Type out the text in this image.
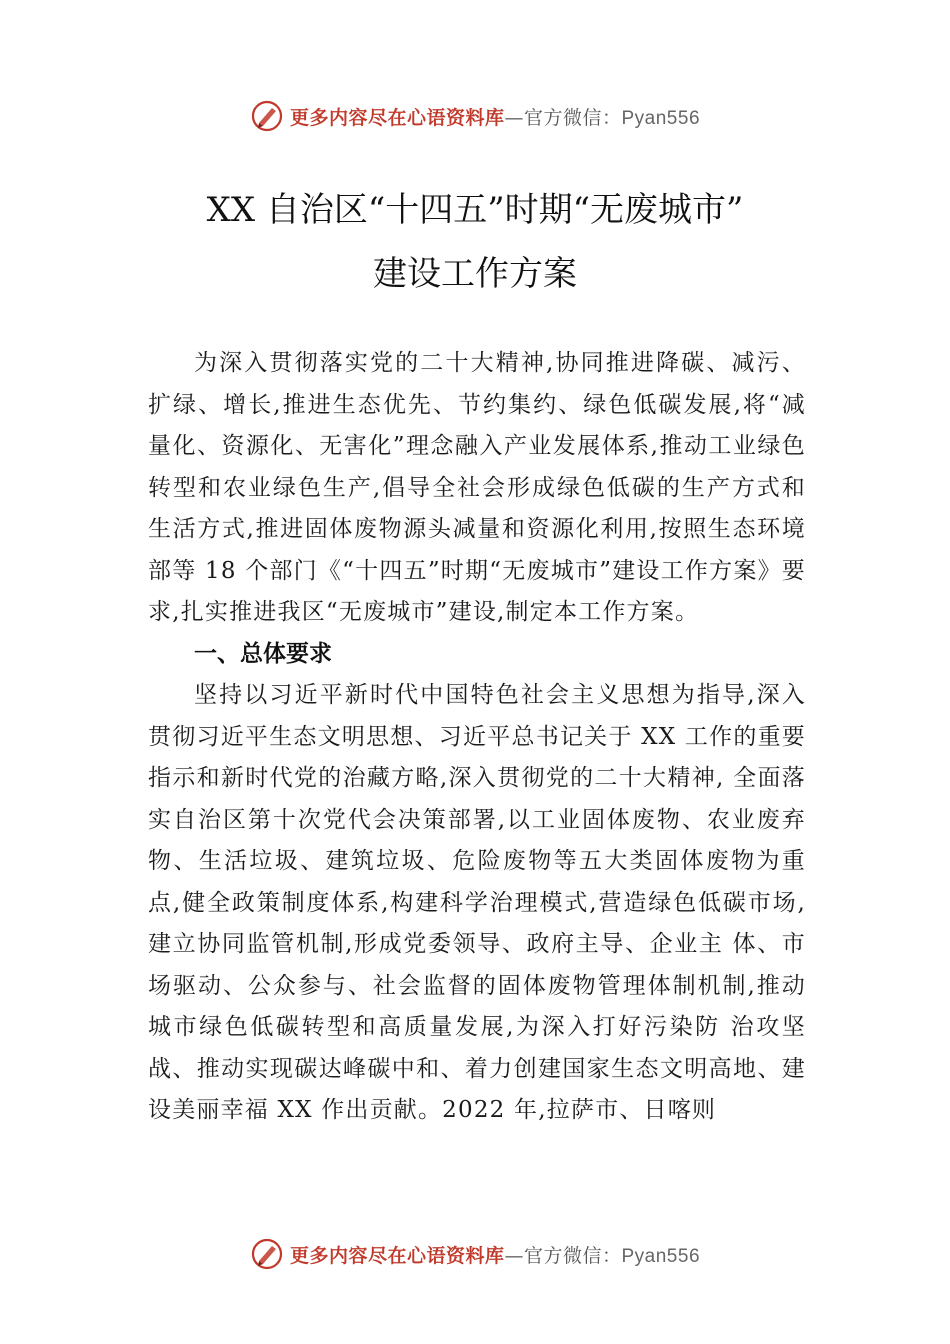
更多内容尽在心语资料库—官方微信：Pyan556
XX 自治区“十四五”时期“无废城市”
建设工作方案

为深入贯彻落实党的二十大精神,协同推进降碳、减污、扩绿、增长,推进生态优先、节约集约、绿色低碳发展,将“减量化、资源化、无害化”理念融入产业发展体系,推动工业绿色转型和农业绿色生产,倡导全社会形成绿色低碳的生产方式和生活方式,推进固体废物源头减量和资源化利用,按照生态环境部等 18 个部门《“十四五”时期“无废城市”建设工作方案》要求,扎实推进我区“无废城市”建设,制定本工作方案。

一、总体要求

坚持以习近平新时代中国特色社会主义思想为指导,深入贯彻习近平生态文明思想、习近平总书记关于 XX 工作的重要指示和新时代党的治藏方略,深入贯彻党的二十大精神, 全面落实自治区第十次党代会决策部署,以工业固体废物、农业废弃物、生活垃圾、建筑垃圾、危险废物等五大类固体废物为重点,健全政策制度体系,构建科学治理模式,营造绿色低碳市场,建立协同监管机制,形成党委领导、政府主导、企业主 体、市场驱动、公众参与、社会监督的固体废物管理体制机制,推动城市绿色低碳转型和高质量发展,为深入打好污染防 治攻坚战、推动实现碳达峰碳中和、着力创建国家生态文明高地、建设美丽幸福 XX 作出贡献。2022 年,拉萨市、日喀则

更多内容尽在心语资料库—官方微信：Pyan556
